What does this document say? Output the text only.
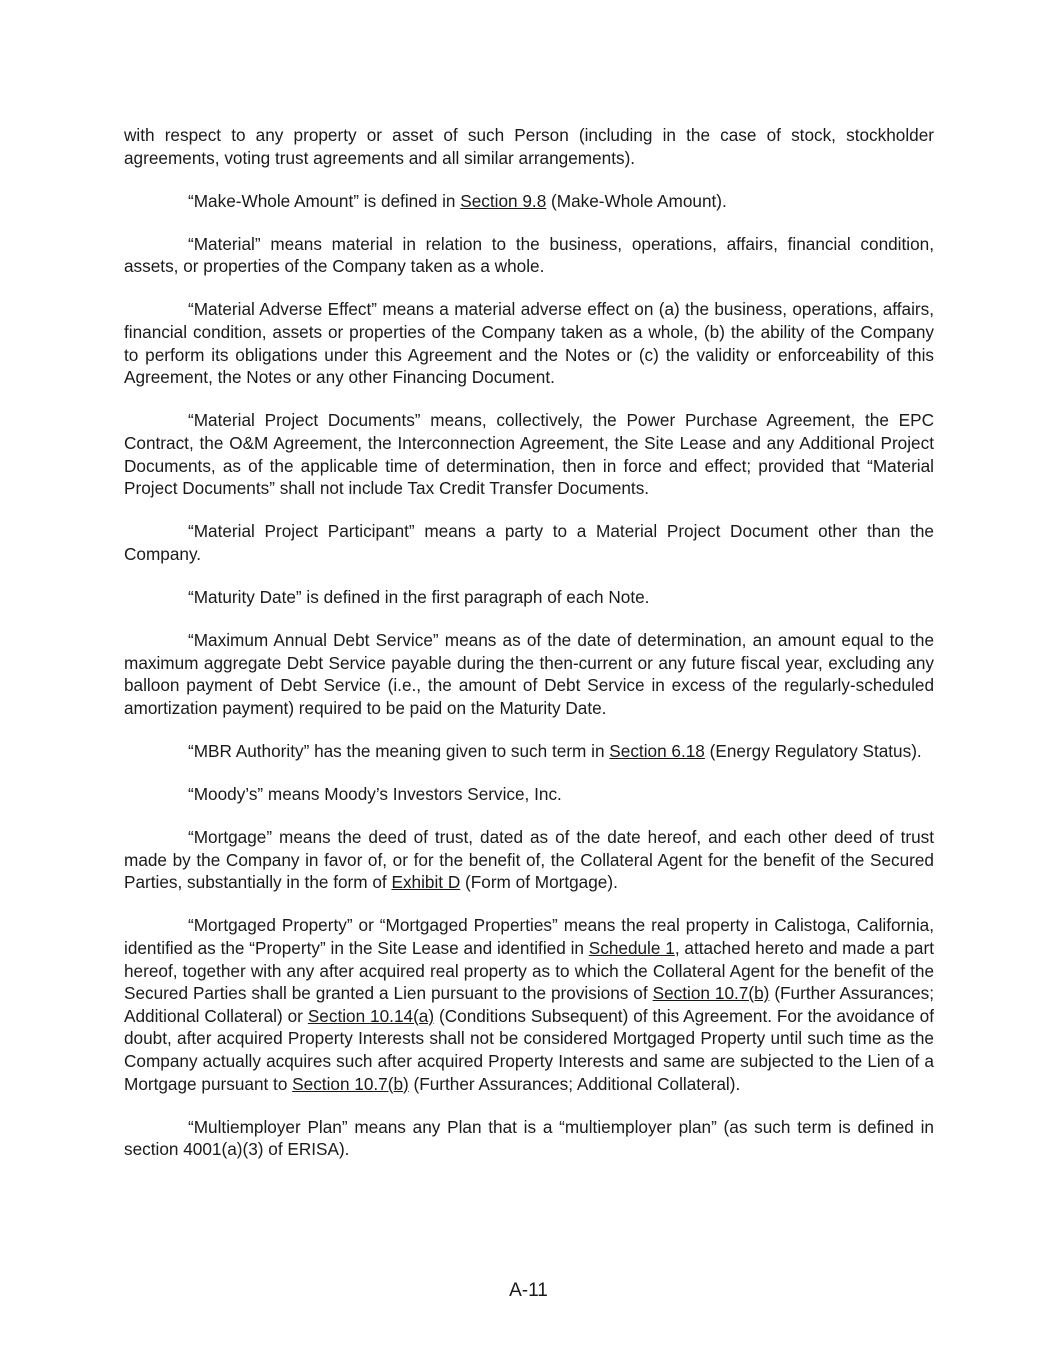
with respect to any property or asset of such Person (including in the case of stock, stockholder agreements, voting trust agreements and all similar arrangements).

“Make-Whole Amount” is defined in Section 9.8 (Make-Whole Amount).

“Material” means material in relation to the business, operations, affairs, financial condition, assets, or properties of the Company taken as a whole.

“Material Adverse Effect” means a material adverse effect on (a) the business, operations, affairs, financial condition, assets or properties of the Company taken as a whole, (b) the ability of the Company to perform its obligations under this Agreement and the Notes or (c) the validity or enforceability of this Agreement, the Notes or any other Financing Document.

“Material Project Documents” means, collectively, the Power Purchase Agreement, the EPC Contract, the O&M Agreement, the Interconnection Agreement, the Site Lease and any Additional Project Documents, as of the applicable time of determination, then in force and effect; provided that “Material Project Documents” shall not include Tax Credit Transfer Documents.

“Material Project Participant” means a party to a Material Project Document other than the Company.

“Maturity Date” is defined in the first paragraph of each Note.

“Maximum Annual Debt Service” means as of the date of determination, an amount equal to the maximum aggregate Debt Service payable during the then-current or any future fiscal year, excluding any balloon payment of Debt Service (i.e., the amount of Debt Service in excess of the regularly-scheduled amortization payment) required to be paid on the Maturity Date.

“MBR Authority” has the meaning given to such term in Section 6.18 (Energy Regulatory Status).

“Moody’s” means Moody’s Investors Service, Inc.

“Mortgage” means the deed of trust, dated as of the date hereof, and each other deed of trust made by the Company in favor of, or for the benefit of, the Collateral Agent for the benefit of the Secured Parties, substantially in the form of Exhibit D (Form of Mortgage).

“Mortgaged Property” or “Mortgaged Properties” means the real property in Calistoga, California, identified as the “Property” in the Site Lease and identified in Schedule 1, attached hereto and made a part hereof, together with any after acquired real property as to which the Collateral Agent for the benefit of the Secured Parties shall be granted a Lien pursuant to the provisions of Section 10.7(b) (Further Assurances; Additional Collateral) or Section 10.14(a) (Conditions Subsequent) of this Agreement. For the avoidance of doubt, after acquired Property Interests shall not be considered Mortgaged Property until such time as the Company actually acquires such after acquired Property Interests and same are subjected to the Lien of a Mortgage pursuant to Section 10.7(b) (Further Assurances; Additional Collateral).

“Multiemployer Plan” means any Plan that is a “multiemployer plan” (as such term is defined in section 4001(a)(3) of ERISA).

A-11
